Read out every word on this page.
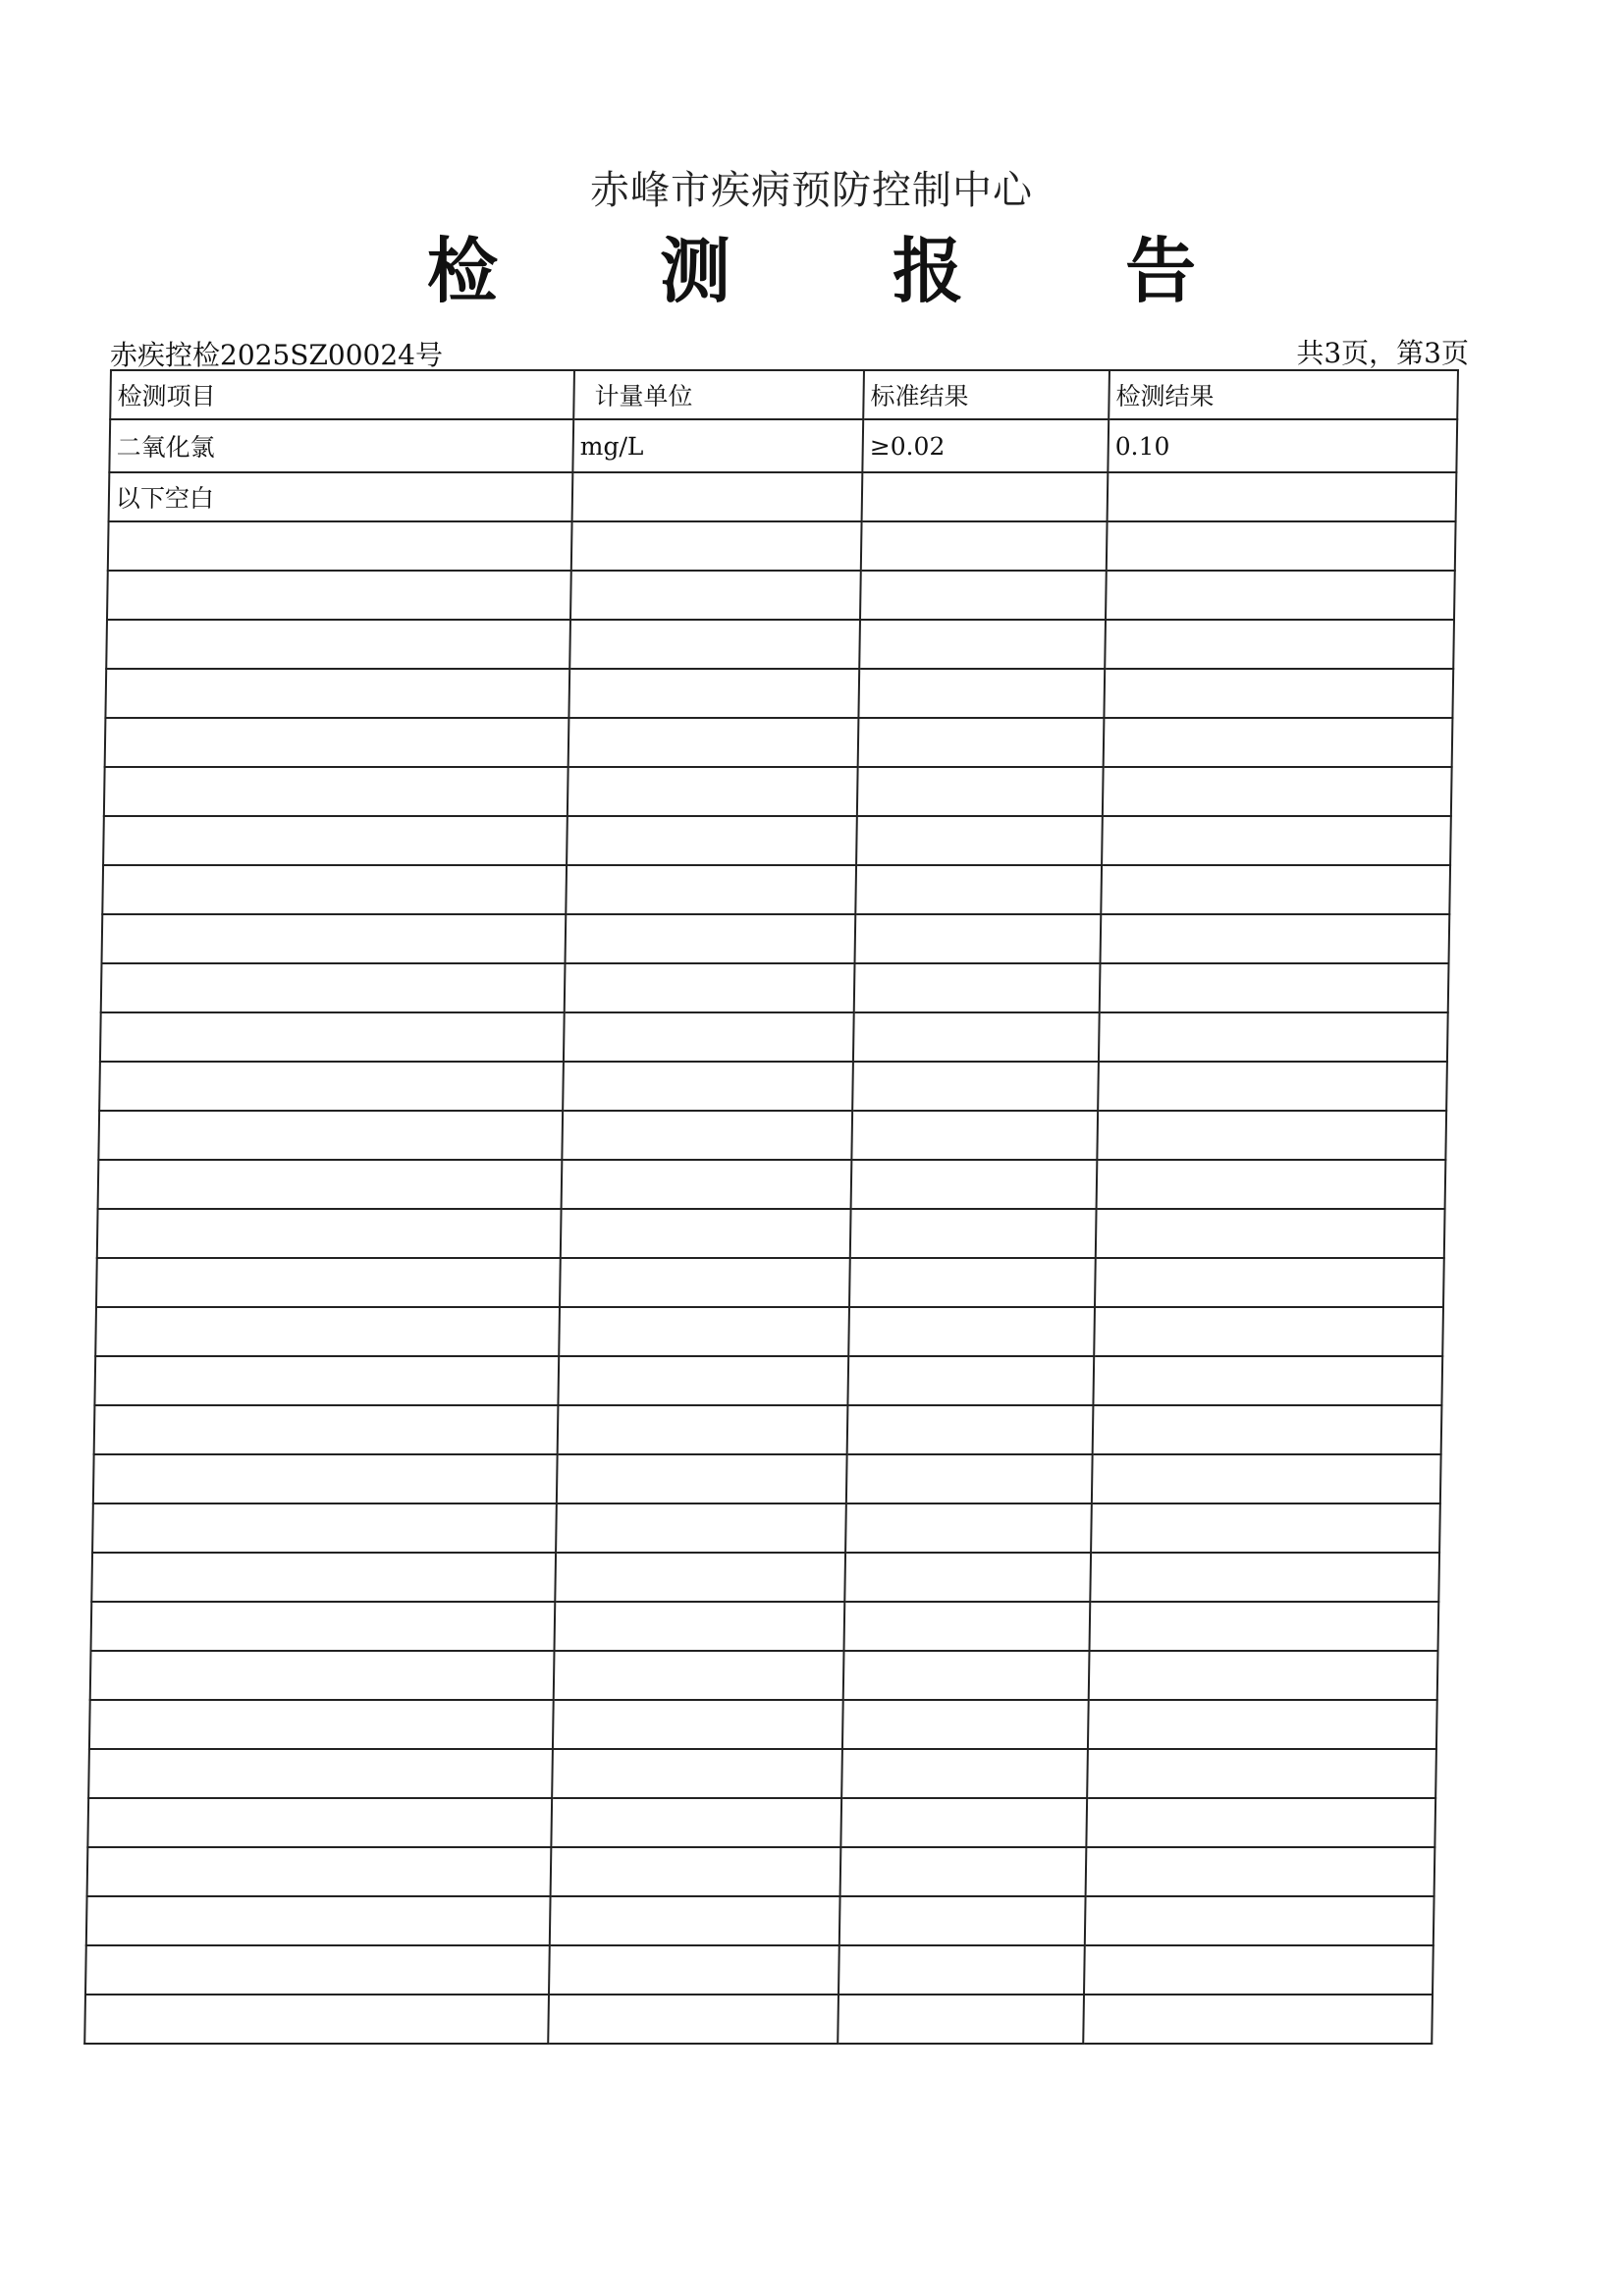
赤峰市疾病预防控制中心
检 测 报 告
赤疾控检2025SZ00024号	共3页，第3页
检测项目	计量单位	标准结果	检测结果
二氧化氯	mg/L	≥0.02	0.10
以下空白			
